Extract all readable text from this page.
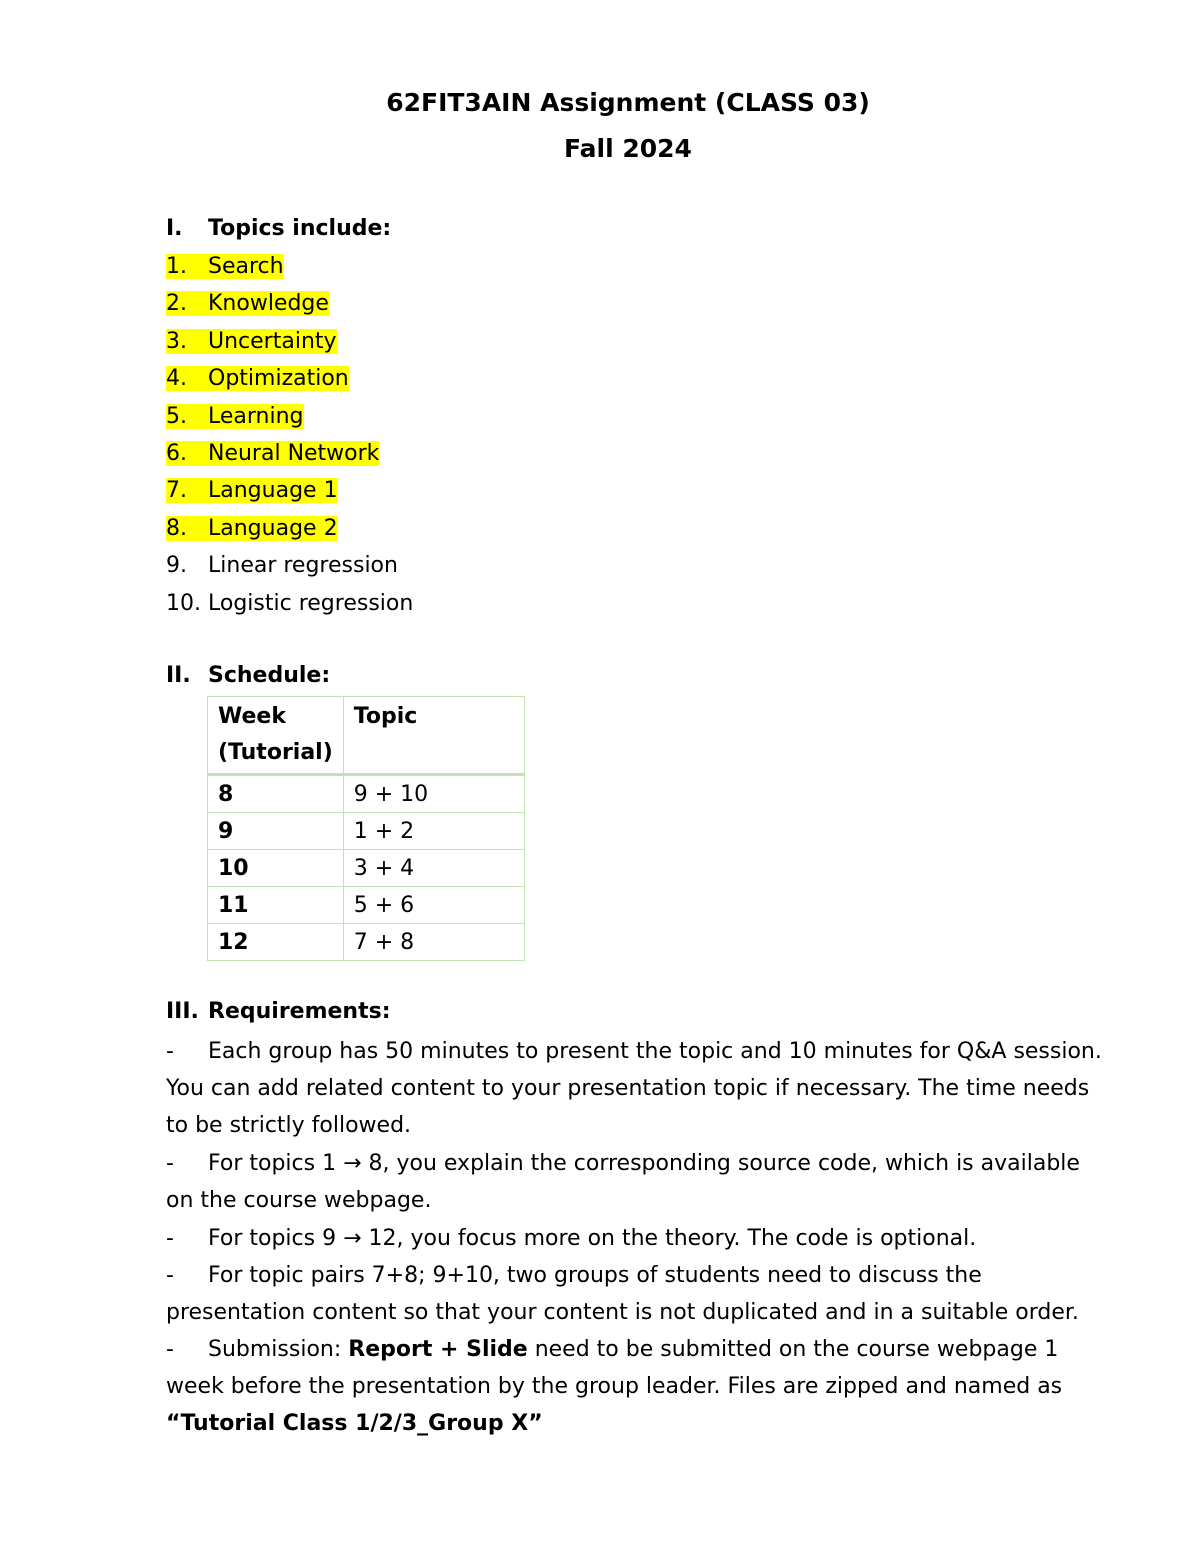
62FIT3AIN Assignment (CLASS 03)
Fall 2024
I. Topics include:
1. Search
2. Knowledge
3. Uncertainty
4. Optimization
5. Learning
6. Neural Network
7. Language 1
8. Language 2
9. Linear regression
10. Logistic regression
II. Schedule:
Week (Tutorial)	Topic
8	9 + 10
9	1 + 2
10	3 + 4
11	5 + 6
12	7 + 8
III. Requirements:
- Each group has 50 minutes to present the topic and 10 minutes for Q&A session. You can add related content to your presentation topic if necessary. The time needs to be strictly followed.
- For topics 1 → 8, you explain the corresponding source code, which is available on the course webpage.
- For topics 9 → 12, you focus more on the theory. The code is optional.
- For topic pairs 7+8; 9+10, two groups of students need to discuss the presentation content so that your content is not duplicated and in a suitable order.
- Submission: Report + Slide need to be submitted on the course webpage 1 week before the presentation by the group leader. Files are zipped and named as “Tutorial Class 1/2/3_Group X”
